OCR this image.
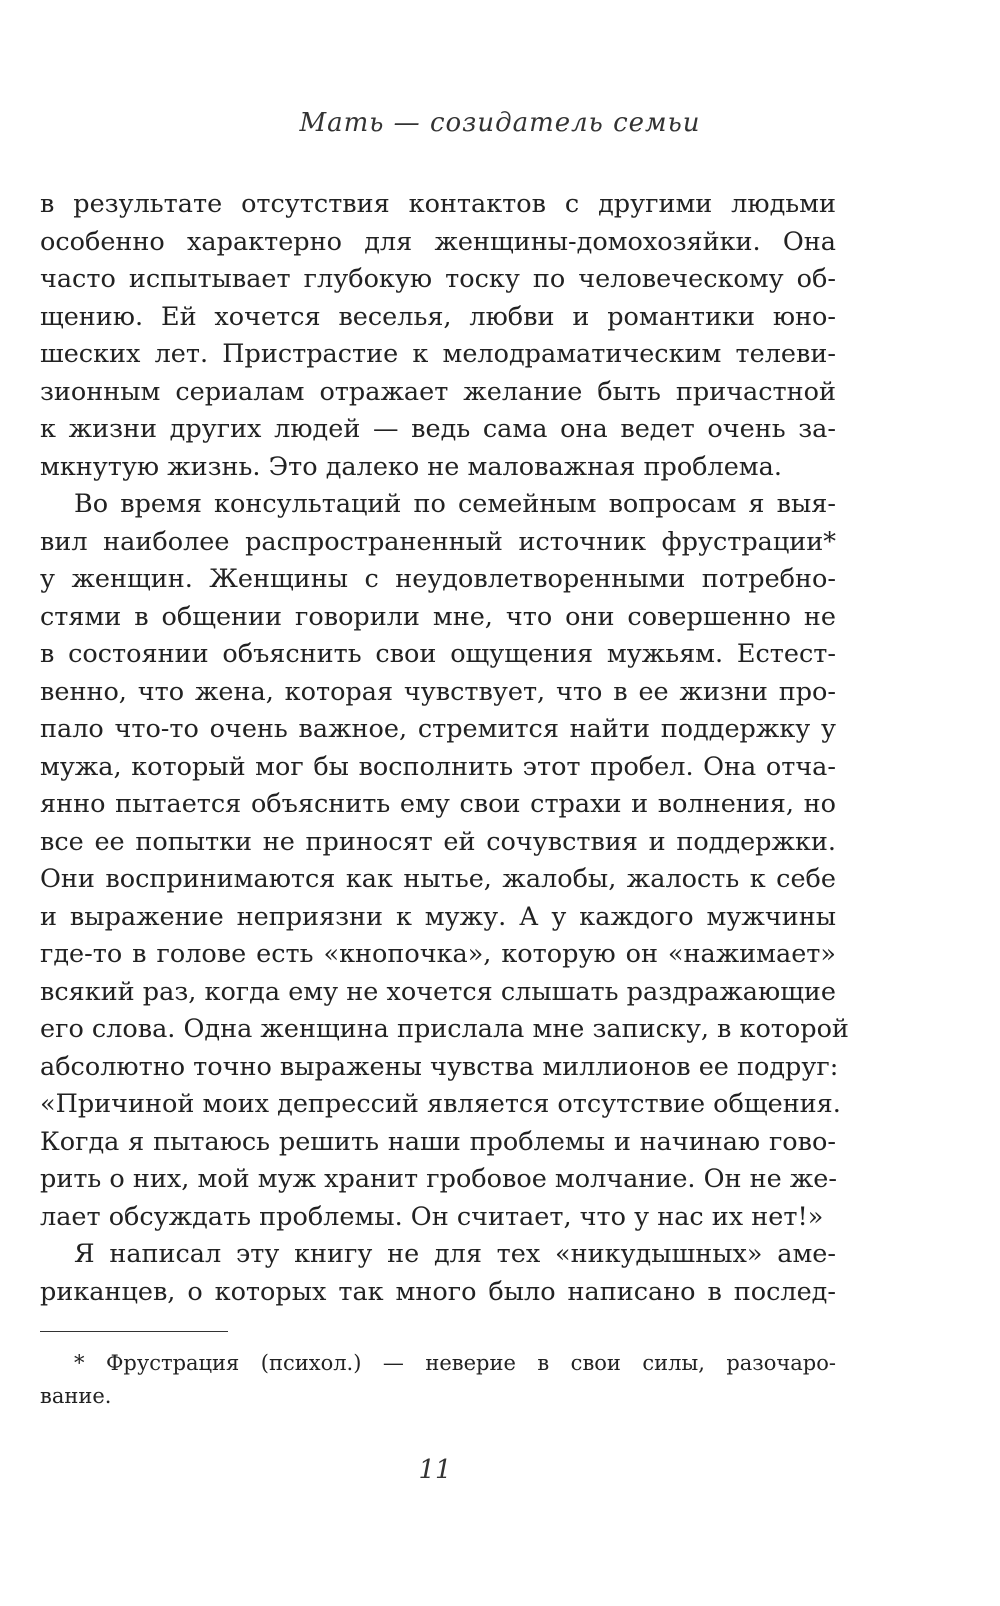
Мать — созидатель семьи
в результате отсутствия контактов с другими людьми
особенно характерно для женщины-домохозяйки. Она
часто испытывает глубокую тоску по человеческому об-
щению. Ей хочется веселья, любви и романтики юно-
шеских лет. Пристрастие к мелодраматическим телеви-
зионным сериалам отражает желание быть причастной
к жизни других людей — ведь сама она ведет очень за-
мкнутую жизнь. Это далеко не маловажная проблема.
Во время консультаций по семейным вопросам я выя-
вил наиболее распространенный источник фрустрации*
у женщин. Женщины с неудовлетворенными потребно-
стями в общении говорили мне, что они совершенно не
в состоянии объяснить свои ощущения мужьям. Естест-
венно, что жена, которая чувствует, что в ее жизни про-
пало что-то очень важное, стремится найти поддержку у
мужа, который мог бы восполнить этот пробел. Она отча-
янно пытается объяснить ему свои страхи и волнения, но
все ее попытки не приносят ей сочувствия и поддержки.
Они воспринимаются как нытье, жалобы, жалость к себе
и выражение неприязни к мужу. А у каждого мужчины
где-то в голове есть «кнопочка», которую он «нажимает»
всякий раз, когда ему не хочется слышать раздражающие
его слова. Одна женщина прислала мне записку, в которой
абсолютно точно выражены чувства миллионов ее подруг:
«Причиной моих депрессий является отсутствие общения.
Когда я пытаюсь решить наши проблемы и начинаю гово-
рить о них, мой муж хранит гробовое молчание. Он не же-
лает обсуждать проблемы. Он считает, что у нас их нет!»
Я написал эту книгу не для тех «никудышных» аме-
риканцев, о которых так много было написано в послед-
* Фрустрация (психол.) — неверие в свои силы, разочаро-
вание.
11
